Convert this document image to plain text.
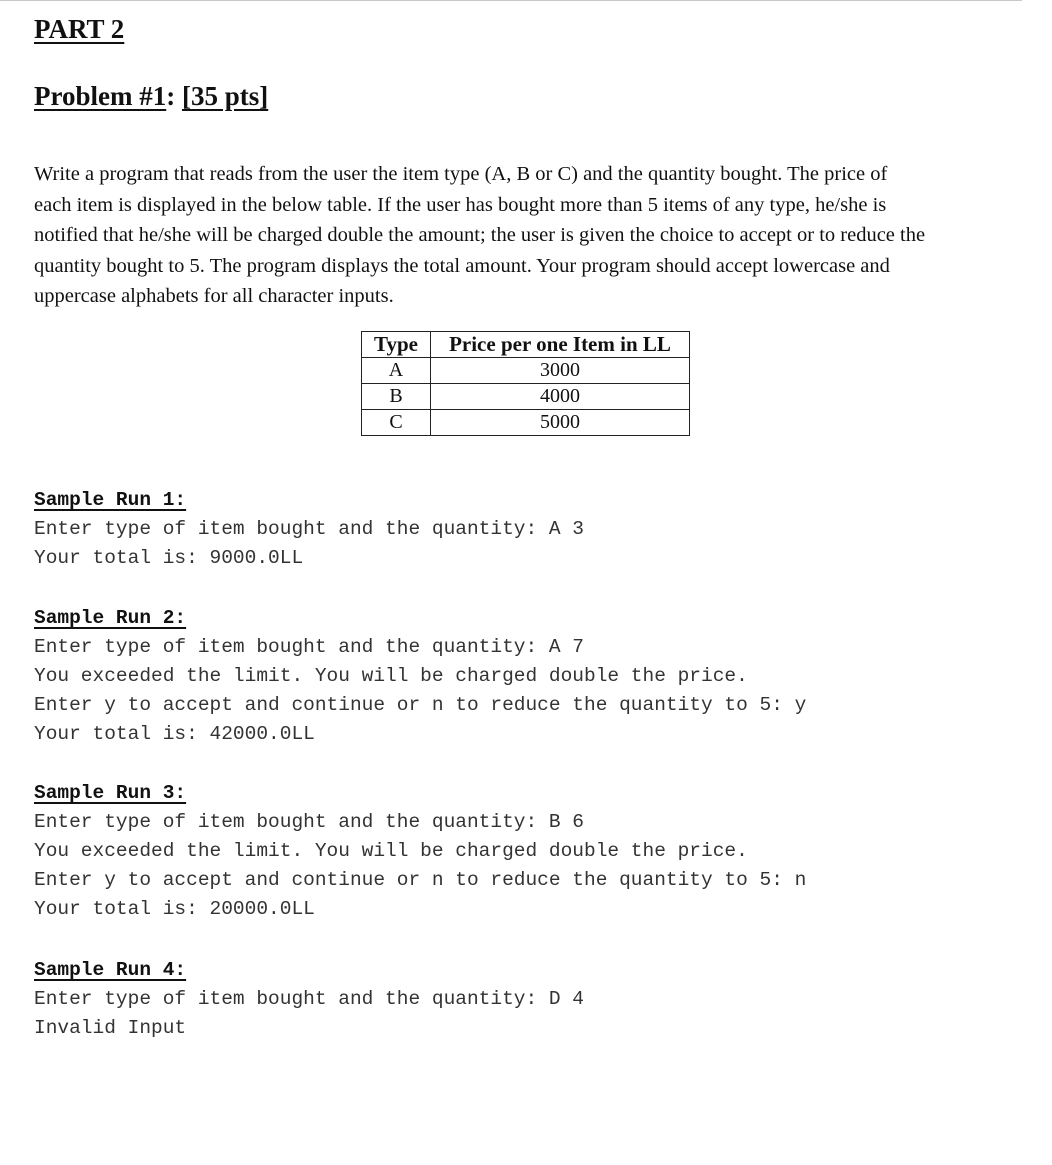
PART 2
Problem #1: [35 pts]

Write a program that reads from the user the item type (A, B or C) and the quantity bought. The price of
each item is displayed in the below table. If the user has bought more than 5 items of any type, he/she is
notified that he/she will be charged double the amount; the user is given the choice to accept or to reduce the
quantity bought to 5. The program displays the total amount. Your program should accept lowercase and
uppercase alphabets for all character inputs.

Type	Price per one Item in LL
A	3000
B	4000
C	5000
Sample Run 1:
Enter type of item bought and the quantity: A 3
Your total is: 9000.0LL
Sample Run 2:
Enter type of item bought and the quantity: A 7
You exceeded the limit. You will be charged double the price.
Enter y to accept and continue or n to reduce the quantity to 5: y
Your total is: 42000.0LL
Sample Run 3:
Enter type of item bought and the quantity: B 6
You exceeded the limit. You will be charged double the price.
Enter y to accept and continue or n to reduce the quantity to 5: n
Your total is: 20000.0LL
Sample Run 4:
Enter type of item bought and the quantity: D 4
Invalid Input
